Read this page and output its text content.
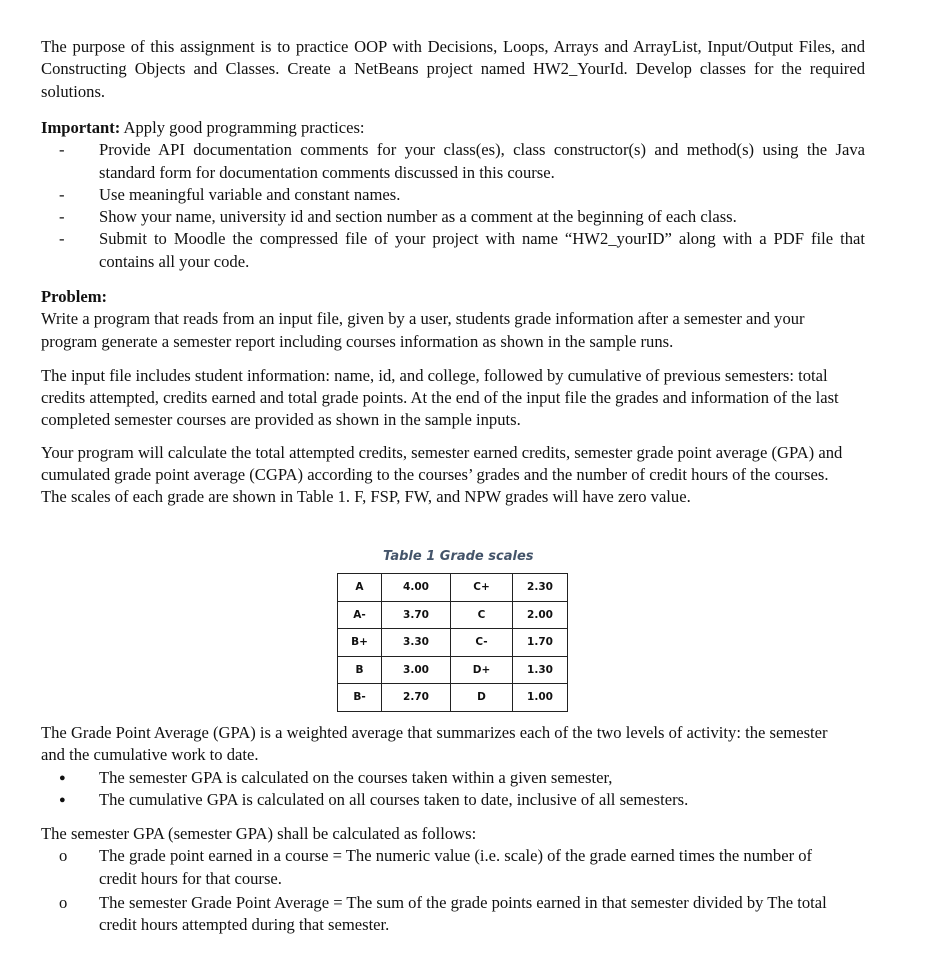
The purpose of this assignment is to practice OOP with Decisions, Loops, Arrays and ArrayList, Input/Output Files, and Constructing Objects and Classes. Create a NetBeans project named HW2_YourId. Develop classes for the required solutions.

Important: Apply good programming practices:
- Provide API documentation comments for your class(es), class constructor(s) and method(s) using the Java standard form for documentation comments discussed in this course.
- Use meaningful variable and constant names.
- Show your name, university id and section number as a comment at the beginning of each class.
- Submit to Moodle the compressed file of your project with name “HW2_yourID” along with a PDF file that contains all your code.
Problem:

Write a program that reads from an input file, given by a user, students grade information after a semester and your program generate a semester report including courses information as shown in the sample runs.

The input file includes student information: name, id, and college, followed by cumulative of previous semesters: total credits attempted, credits earned and total grade points. At the end of the input file the grades and information of the last completed semester courses are provided as shown in the sample inputs.

Your program will calculate the total attempted credits, semester earned credits, semester grade point average (GPA) and cumulated grade point average (CGPA) according to the courses’ grades and the number of credit hours of the courses. The scales of each grade are shown in Table 1. F, FSP, FW, and NPW grades will have zero value.

Table 1 Grade scales
A	4.00	C+	2.30
A-	3.70	C	2.00
B+	3.30	C-	1.70
B	3.00	D+	1.30
B-	2.70	D	1.00

The Grade Point Average (GPA) is a weighted average that summarizes each of the two levels of activity: the semester and the cumulative work to date.

● The semester GPA is calculated on the courses taken within a given semester,
● The cumulative GPA is calculated on all courses taken to date, inclusive of all semesters.

The semester GPA (semester GPA) shall be calculated as follows:

o The grade point earned in a course = The numeric value (i.e. scale) of the grade earned times the number of credit hours for that course.
o The semester Grade Point Average = The sum of the grade points earned in that semester divided by The total credit hours attempted during that semester.
